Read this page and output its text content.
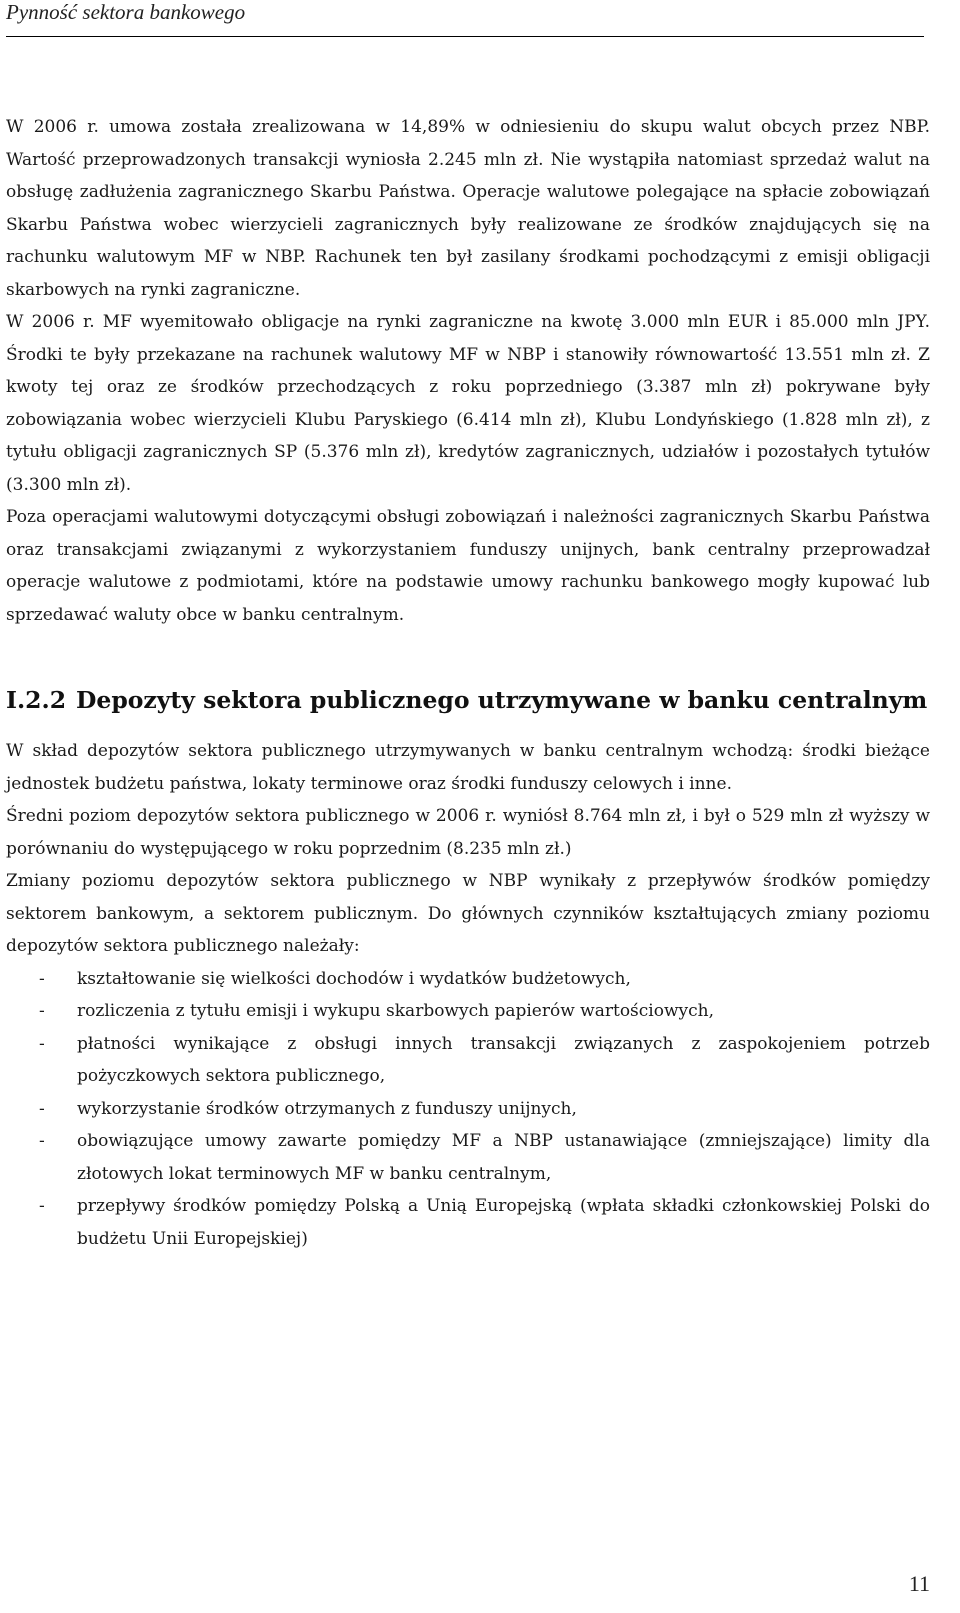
Pynność sektora bankowego

W 2006 r. umowa została zrealizowana w 14,89% w odniesieniu do skupu walut obcych przez NBP. Wartość przeprowadzonych transakcji wyniosła 2.245 mln zł. Nie wystąpiła natomiast sprzedaż walut na obsługę zadłużenia zagranicznego Skarbu Państwa. Operacje walutowe polegające na spłacie zobowiązań Skarbu Państwa wobec wierzycieli zagranicznych były realizowane ze środków znajdujących się na rachunku walutowym MF w NBP. Rachunek ten był zasilany środkami pochodzącymi z emisji obligacji skarbowych na rynki zagraniczne.

W 2006 r. MF wyemitowało obligacje na rynki zagraniczne na kwotę 3.000 mln EUR i 85.000 mln JPY. Środki te były przekazane na rachunek walutowy MF w NBP i stanowiły równowartość 13.551 mln zł. Z kwoty tej oraz ze środków przechodzących z roku poprzedniego (3.387 mln zł) pokrywane były zobowiązania wobec wierzycieli Klubu Paryskiego (6.414 mln zł), Klubu Londyńskiego (1.828 mln zł), z tytułu obligacji zagranicznych SP (5.376 mln zł), kredytów zagranicznych, udziałów i pozostałych tytułów (3.300 mln zł).

Poza operacjami walutowymi dotyczącymi obsługi zobowiązań i należności zagranicznych Skarbu Państwa oraz transakcjami związanymi z wykorzystaniem funduszy unijnych, bank centralny przeprowadzał operacje walutowe z podmiotami, które na podstawie umowy rachunku bankowego mogły kupować lub sprzedawać waluty obce w banku centralnym.

I.2.2 Depozyty sektora publicznego utrzymywane w banku centralnym

W skład depozytów sektora publicznego utrzymywanych w banku centralnym wchodzą: środki bieżące jednostek budżetu państwa, lokaty terminowe oraz środki funduszy celowych i inne.

Średni poziom depozytów sektora publicznego w 2006 r. wyniósł 8.764 mln zł, i był o 529 mln zł wyższy w porównaniu do występującego w roku poprzednim (8.235 mln zł.)

Zmiany poziomu depozytów sektora publicznego w NBP wynikały z przepływów środków pomiędzy sektorem bankowym, a sektorem publicznym. Do głównych czynników kształtujących zmiany poziomu depozytów sektora publicznego należały:

- kształtowanie się wielkości dochodów i wydatków budżetowych,
- rozliczenia z tytułu emisji i wykupu skarbowych papierów wartościowych,
- płatności wynikające z obsługi innych transakcji związanych z zaspokojeniem potrzeb pożyczkowych sektora publicznego,
- wykorzystanie środków otrzymanych z funduszy unijnych,
- obowiązujące umowy zawarte pomiędzy MF a NBP ustanawiające (zmniejszające) limity dla złotowych lokat terminowych MF w banku centralnym,
- przepływy środków pomiędzy Polską a Unią Europejską (wpłata składki członkowskiej Polski do budżetu Unii Europejskiej)
11
